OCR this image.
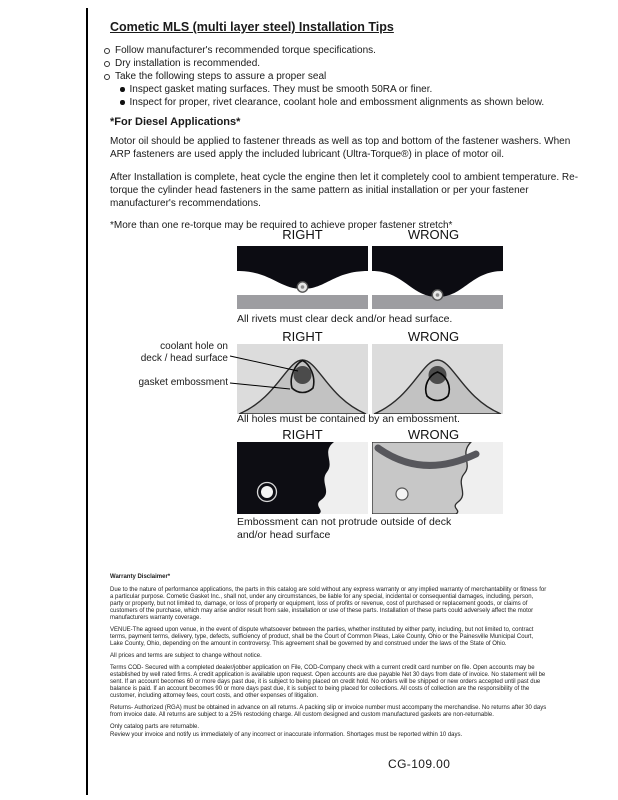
Cometic MLS (multi layer steel) Installation Tips
Follow manufacturer's recommended torque specifications.
Dry installation is recommended.
Take the following steps to assure a proper seal
Inspect gasket mating surfaces. They must be smooth 50RA or finer.
Inspect for proper, rivet clearance, coolant hole and embossment alignments as shown below.
*For Diesel Applications*

Motor oil should be applied to fastener threads as well as top and bottom of the fastener washers. When ARP fasteners are used apply the included lubricant (Ultra-Torque®) in place of motor oil.

After Installation is complete, heat cycle the engine then let it completely cool to ambient temperature. Re-torque the cylinder head fasteners in the same pattern as initial installation or per your fastener manufacturer's recommendations.

*More than one re-torque may be required to achieve proper fastener stretch*
RIGHT	WRONG
All rivets must clear deck and/or head surface.
RIGHT	WRONG
All holes must be contained by an embossment.
coolant hole on
deck / head surface
gasket embossment
RIGHT	WRONG
Embossment can not protrude outside of deck
and/or head surface
Warranty Disclaimer*

Due to the nature of performance applications, the parts in this catalog are sold without any express warranty or any implied warranty of merchantability or fitness for a particular purpose. Cometic Gasket Inc., shall not, under any circumstances, be liable for any special, incidental or consequential damages, including, person, party or property, but not limited to, damage, or loss of property or equipment, loss of profits or revenue, cost of purchased or replacement goods, or claims of customers of the purchase, which may arise and/or result from sale, installation or use of these parts. Installation of these parts could adversely affect the motor manufacturers warranty coverage.

VENUE-The agreed upon venue, in the event of dispute whatsoever between the parties, whether instituted by either party, including, but not limited to, contract terms, payment terms, delivery, type, defects, sufficiency of product, shall be the Court of Common Pleas, Lake County, Ohio or the Painesville Municipal Court, Lake County, Ohio, depending on the amount in controversy. This agreement shall be governed by and construed under the laws of the State of Ohio.

All prices and terms are subject to change without notice.

Terms COD- Secured with a completed dealer/jobber application on File, COD-Company check with a current credit card number on file. Open accounts may be established by well rated firms. A credit application is available upon request. Open accounts are due payable Net 30 days from date of invoice. No statement will be sent. If an account becomes 60 or more days past due, it is subject to being placed on credit hold. No orders will be shipped or new orders accepted until past due balance is paid. If an account becomes 90 or more days past due, it is subject to being placed for collections. All costs of collection are the responsibility of the customer, including attorney fees, court costs, and other expenses of litigation.

Returns- Authorized (RGA) must be obtained in advance on all returns. A packing slip or invoice number must accompany the merchandise. No returns after 30 days from invoice date. All returns are subject to a 25% restocking charge. All custom designed and custom manufactured gaskets are non-returnable.

Only catalog parts are returnable.

Review your invoice and notify us immediately of any incorrect or inaccurate information. Shortages must be reported within 10 days.

CG-109.00
